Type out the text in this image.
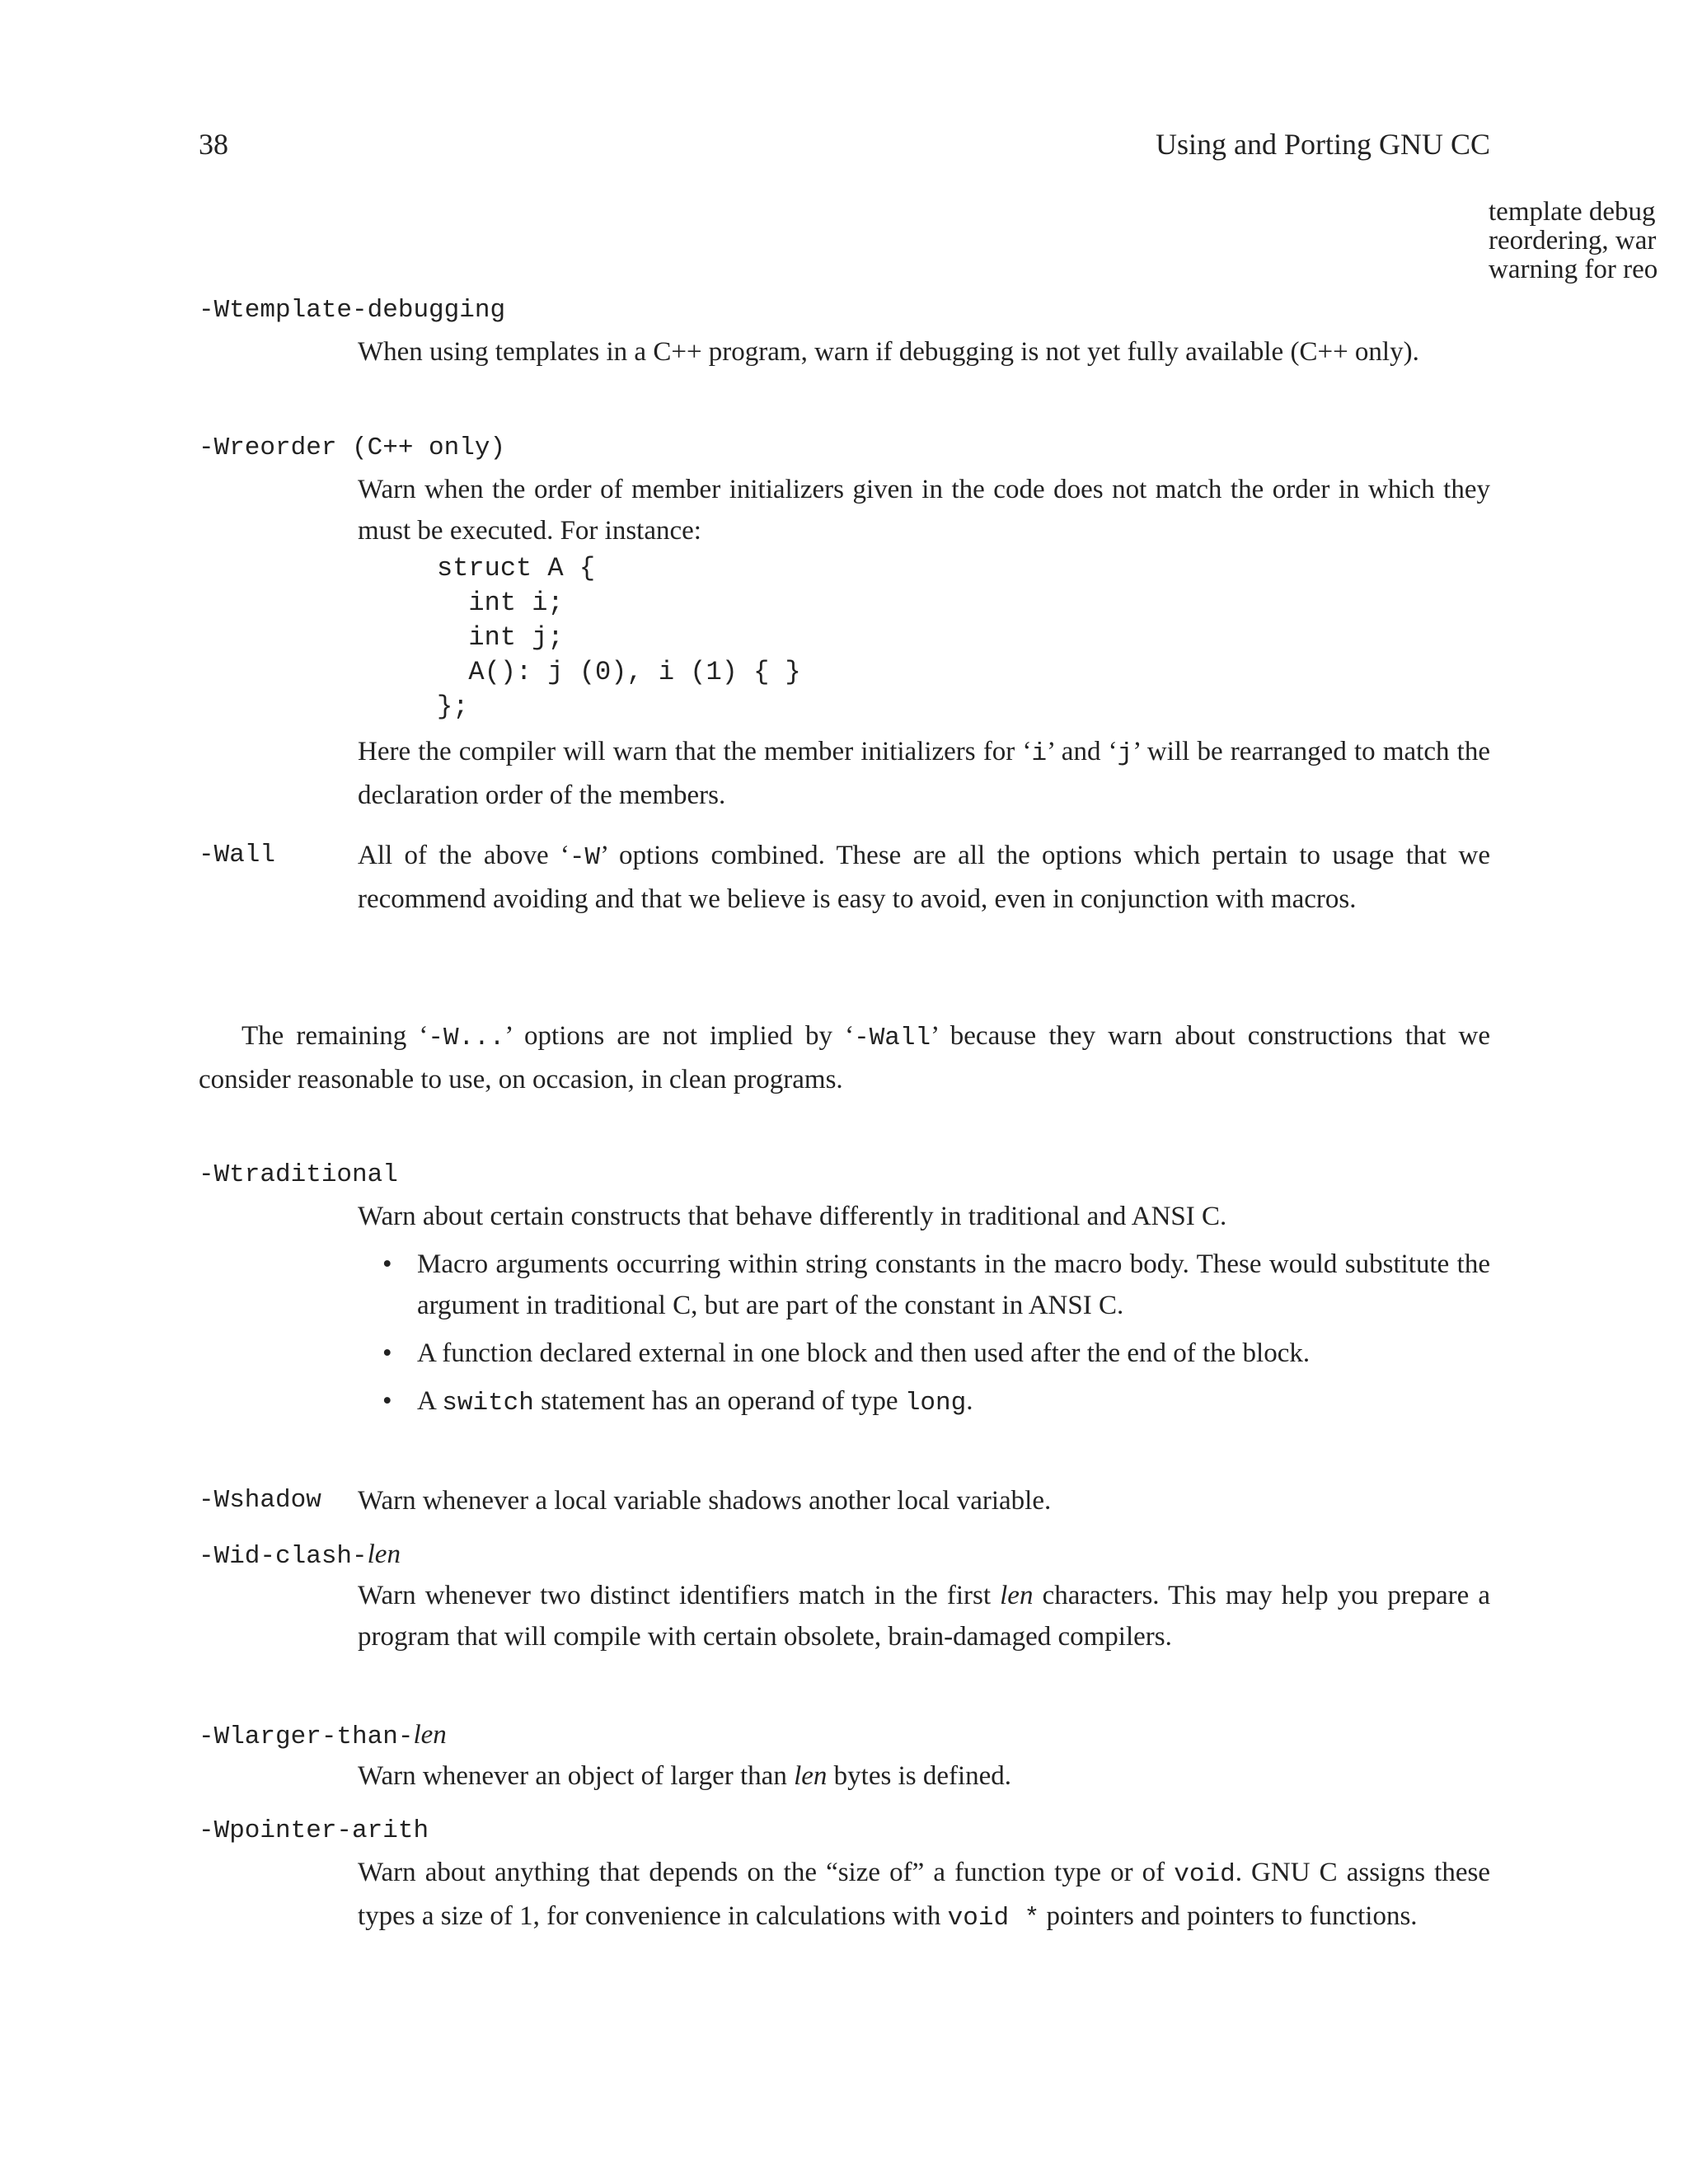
38	Using and Porting GNU CC
template debug
reordering, war
warning for reo
-Wtemplate-debugging
When using templates in a C++ program, warn if debugging is not yet fully available (C++ only).
-Wreorder (C++ only)
Warn when the order of member initializers given in the code does not match the order in which they must be executed. For instance:
struct A {
int i;
int j;
A(): j (0), i (1) { }
};
Here the compiler will warn that the member initializers for ‘i’ and ‘j’ will be rearranged to match the declaration order of the members.
-Wall	All of the above ‘-W’ options combined. These are all the options which pertain to usage that we recommend avoiding and that we believe is easy to avoid, even in conjunction with macros.
The remaining ‘-W...’ options are not implied by ‘-Wall’ because they warn about constructions that we consider reasonable to use, on occasion, in clean programs.
-Wtraditional
Warn about certain constructs that behave differently in traditional and ANSI C.
• Macro arguments occurring within string constants in the macro body. These would substitute the argument in traditional C, but are part of the constant in ANSI C.
• A function declared external in one block and then used after the end of the block.
• A switch statement has an operand of type long.
-Wshadow Warn whenever a local variable shadows another local variable.
-Wid-clash-len
Warn whenever two distinct identifiers match in the first len characters. This may help you prepare a program that will compile with certain obsolete, brain-damaged compilers.
-Wlarger-than-len
Warn whenever an object of larger than len bytes is defined.
-Wpointer-arith
Warn about anything that depends on the “size of” a function type or of void. GNU C assigns these types a size of 1, for convenience in calculations with void * pointers and pointers to functions.
